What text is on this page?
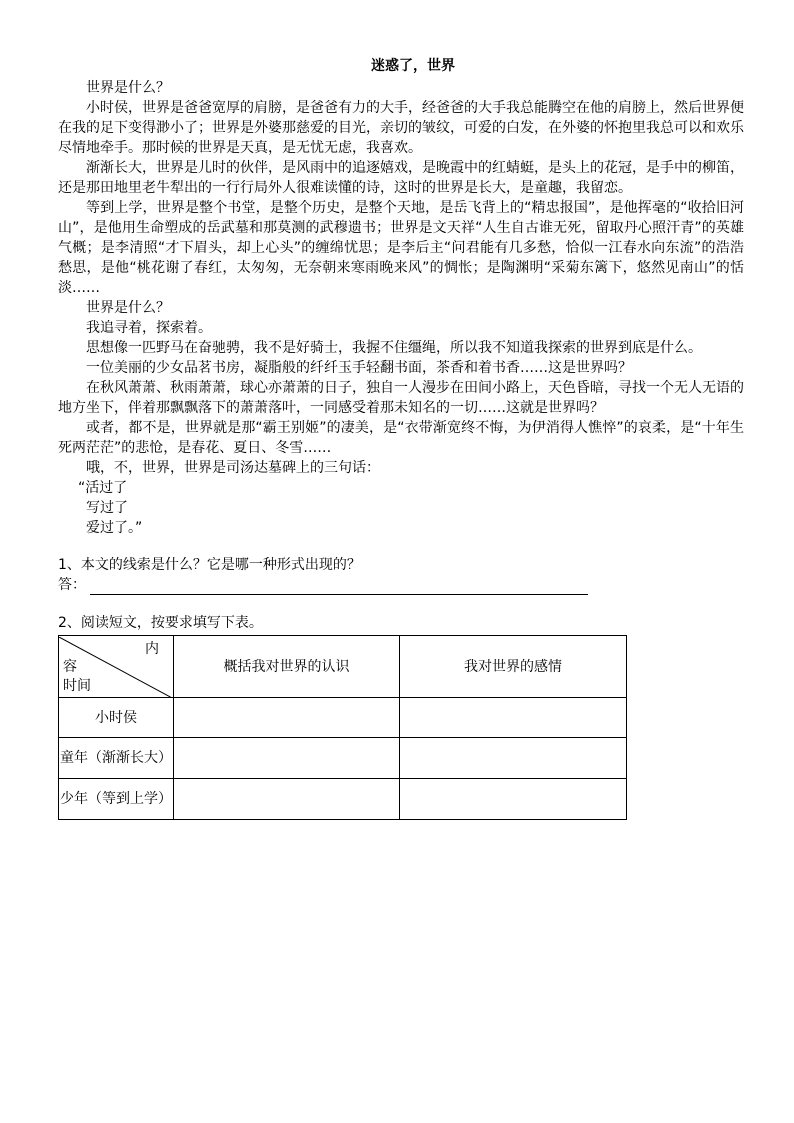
迷惑了，世界

世界是什么？

小时侯，世界是爸爸宽厚的肩膀，是爸爸有力的大手，经爸爸的大手我总能腾空在他的肩膀上，然后世界便在我的足下变得渺小了；世界是外婆那慈爱的目光，亲切的皱纹，可爱的白发，在外婆的怀抱里我总可以和欢乐尽情地牵手。那时候的世界是天真，是无忧无虑，我喜欢。

渐渐长大，世界是儿时的伙伴，是风雨中的追逐嬉戏，是晚霞中的红蜻蜓，是头上的花冠，是手中的柳笛，还是那田地里老牛犁出的一行行局外人很难读懂的诗，这时的世界是长大，是童趣，我留恋。

等到上学，世界是整个书堂，是整个历史，是整个天地，是岳飞背上的“精忠报国”，是他挥毫的“收拾旧河山”，是他用生命塑成的岳武墓和那莫测的武穆遗书；世界是文天祥“人生自古谁无死，留取丹心照汗青”的英雄气概；是李清照“才下眉头，却上心头”的缠绵忧思；是李后主“问君能有几多愁，恰似一江春水向东流”的浩浩愁思，是他“桃花谢了春红，太匆匆，无奈朝来寒雨晚来风”的惆怅；是陶渊明“采菊东篱下，悠然见南山”的恬淡……

世界是什么？

我追寻着，探索着。

思想像一匹野马在奋驰骋，我不是好骑士，我握不住缰绳，所以我不知道我探索的世界到底是什么。

一位美丽的少女品茗书房，凝脂般的纤纤玉手轻翻书面，茶香和着书香……这是世界吗？

在秋风萧萧、秋雨萧萧，球心亦萧萧的日子，独自一人漫步在田间小路上，天色昏暗，寻找一个无人无语的地方坐下，伴着那飘飘落下的萧萧落叶，一同感受着那未知名的一切……这就是世界吗？

或者，都不是，世界就是那“霸王别姬”的凄美，是“衣带渐宽终不悔，为伊消得人憔悴”的哀柔，是“十年生死两茫茫”的悲怆，是春花、夏日、冬雪……

哦，不，世界，世界是司汤达墓碑上的三句话：

“活过了

写过了

爱过了。”

1、本文的线索是什么？它是哪一种形式出现的？
答：
2、阅读短文，按要求填写下表。
内
容
时间	概括我对世界的认识	我对世界的感情
小时侯		
童年（渐渐长大）		
少年（等到上学）		
